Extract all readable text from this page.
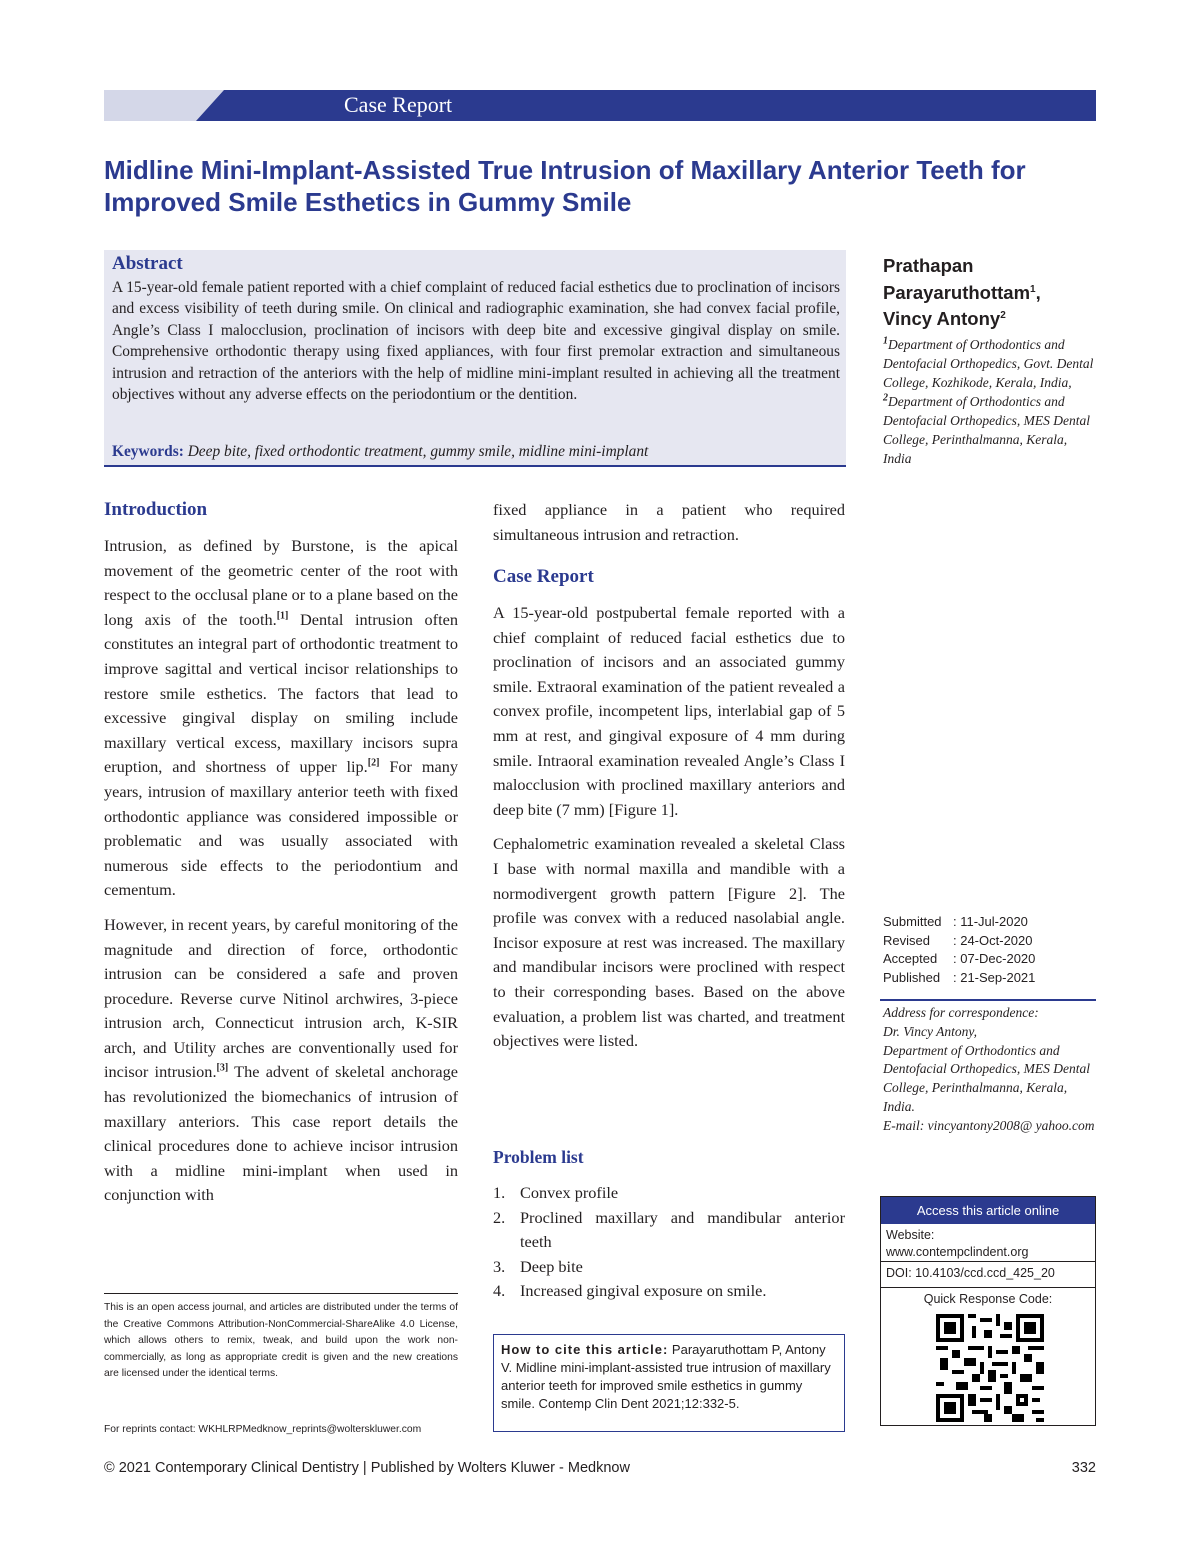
Case Report
Midline Mini-Implant-Assisted True Intrusion of Maxillary Anterior Teeth for Improved Smile Esthetics in Gummy Smile
Abstract
A 15-year-old female patient reported with a chief complaint of reduced facial esthetics due to proclination of incisors and excess visibility of teeth during smile. On clinical and radiographic examination, she had convex facial profile, Angle’s Class I malocclusion, proclination of incisors with deep bite and excessive gingival display on smile. Comprehensive orthodontic therapy using fixed appliances, with four first premolar extraction and simultaneous intrusion and retraction of the anteriors with the help of midline mini-implant resulted in achieving all the treatment objectives without any adverse effects on the periodontium or the dentition.
Keywords: Deep bite, fixed orthodontic treatment, gummy smile, midline mini-implant
Prathapan
Parayaruthottam$^1$,
Vincy Antony$^2$
$^1$Department of Orthodontics and Dentofacial Orthopedics, Govt. Dental College, Kozhikode, Kerala, India,
$^2$Department of Orthodontics and Dentofacial Orthopedics, MES Dental College, Perinthalmanna, Kerala, India
Introduction

Intrusion, as defined by Burstone, is the apical movement of the geometric center of the root with respect to the occlusal plane or to a plane based on the long axis of the tooth.[1] Dental intrusion often constitutes an integral part of orthodontic treatment to improve sagittal and vertical incisor relationships to restore smile esthetics. The factors that lead to excessive gingival display on smiling include maxillary vertical excess, maxillary incisors supra eruption, and shortness of upper lip.[2] For many years, intrusion of maxillary anterior teeth with fixed orthodontic appliance was considered impossible or problematic and was usually associated with numerous side effects to the periodontium and cementum.

However, in recent years, by careful monitoring of the magnitude and direction of force, orthodontic intrusion can be considered a safe and proven procedure. Reverse curve Nitinol archwires, 3-piece intrusion arch, Connecticut intrusion arch, K-SIR arch, and Utility arches are conventionally used for incisor intrusion.[3] The advent of skeletal anchorage has revolutionized the biomechanics of intrusion of maxillary anteriors. This case report details the clinical procedures done to achieve incisor intrusion with a midline mini-implant when used in conjunction with

fixed appliance in a patient who required simultaneous intrusion and retraction.

Case Report

A 15-year-old postpubertal female reported with a chief complaint of reduced facial esthetics due to proclination of incisors and an associated gummy smile. Extraoral examination of the patient revealed a convex profile, incompetent lips, interlabial gap of 5 mm at rest, and gingival exposure of 4 mm during smile. Intraoral examination revealed Angle’s Class I malocclusion with proclined maxillary anteriors and deep bite (7 mm) [Figure 1].

Cephalometric examination revealed a skeletal Class I base with normal maxilla and mandible with a normodivergent growth pattern [Figure 2]. The profile was convex with a reduced nasolabial angle. Incisor exposure at rest was increased. The maxillary and mandibular incisors were proclined with respect to their corresponding bases. Based on the above evaluation, a problem list was charted, and treatment objectives were listed.

Problem list
1. Convex profile
2. Proclined maxillary and mandibular anterior teeth
3. Deep bite
4. Increased gingival exposure on smile.
This is an open access journal, and articles are distributed under the terms of the Creative Commons Attribution-NonCommercial-ShareAlike 4.0 License, which allows others to remix, tweak, and build upon the work non-commercially, as long as appropriate credit is given and the new creations are licensed under the identical terms.
For reprints contact: WKHLRPMedknow_reprints@wolterskluwer.com
How to cite this article: Parayaruthottam P, Antony V. Midline mini-implant-assisted true intrusion of maxillary anterior teeth for improved smile esthetics in gummy smile. Contemp Clin Dent 2021;12:332-5.
Submitted : 11-Jul-2020
Revised : 24-Oct-2020
Accepted : 07-Dec-2020
Published : 21-Sep-2021
Address for correspondence:
Dr. Vincy Antony,
Department of Orthodontics and Dentofacial Orthopedics, MES Dental College, Perinthalmanna, Kerala, India.
E-mail: vincyantony2008@ yahoo.com
Access this article online
Website:
www.contempclindent.org
DOI: 10.4103/ccd.ccd_425_20
Quick Response Code:
© 2021 Contemporary Clinical Dentistry | Published by Wolters Kluwer - Medknow	332
